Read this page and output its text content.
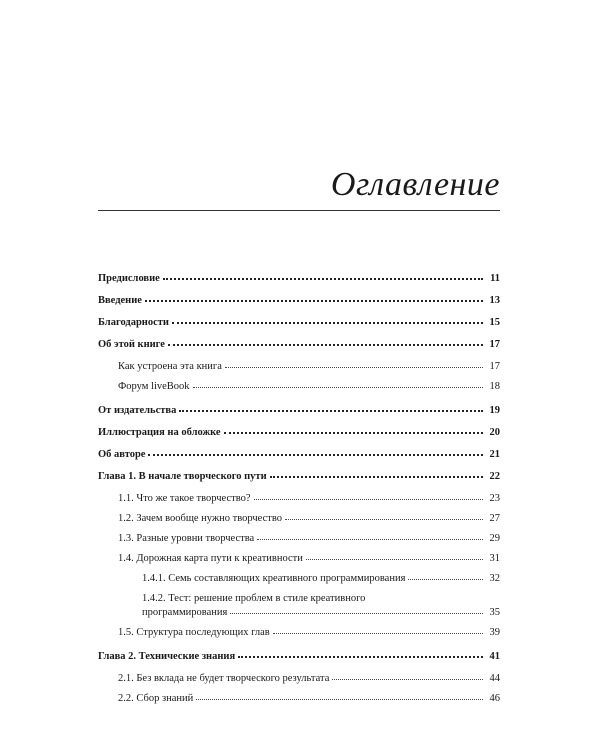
Оглавление
Предисловие	11
Введение	13
Благодарности	15
Об этой книге	17
Как устроена эта книга	17
Форум liveBook	18
От издательства	19
Иллюстрация на обложке	20
Об авторе	21
Глава 1. В начале творческого пути	22
1.1. Что же такое творчество?	23
1.2. Зачем вообще нужно творчество	27
1.3. Разные уровни творчества	29
1.4. Дорожная карта пути к креативности	31
1.4.1. Семь составляющих креативного программирования	32
1.4.2. Тест: решение проблем в стиле креативного
программирования	35
1.5. Структура последующих глав	39
Глава 2. Технические знания	41
2.1. Без вклада не будет творческого результата	44
2.2. Сбор знаний	46
